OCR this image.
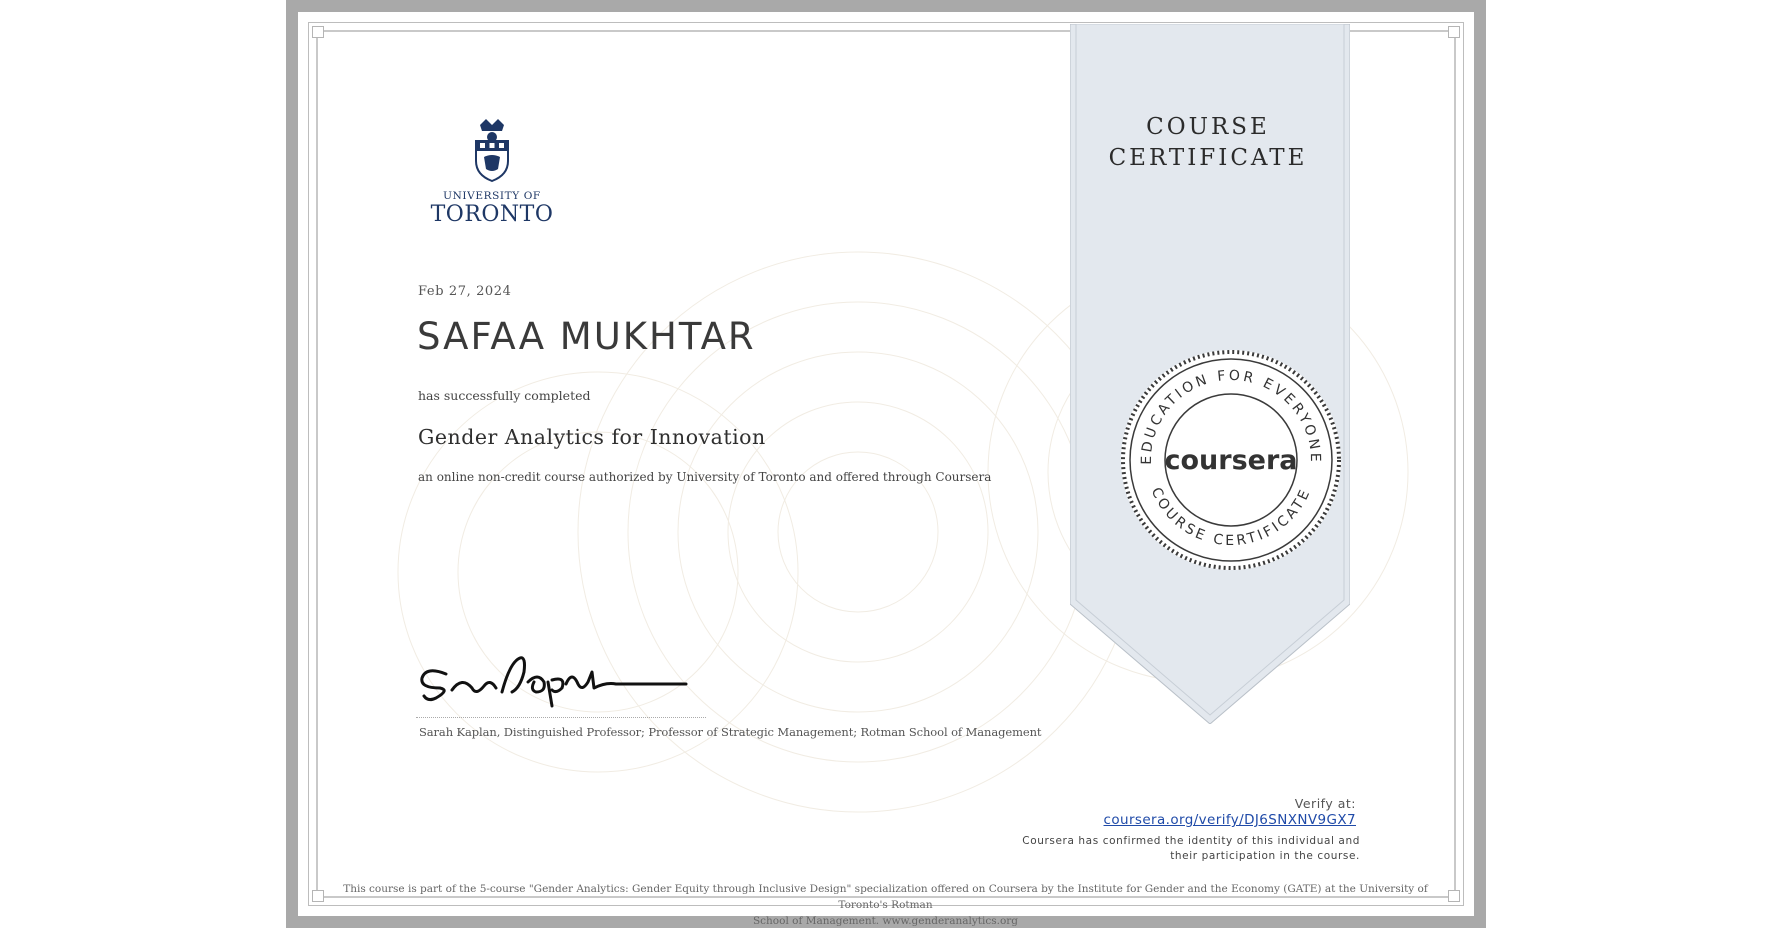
COURSE
CERTIFICATE
EDUCATION FOR EVERYONE
COURSE CERTIFICATE
coursera
UNIVERSITY OF
TORONTO
Feb 27, 2024
SAFAA MUKHTAR
has successfully completed
Gender Analytics for Innovation
an online non-credit course authorized by University of Toronto and offered through Coursera
Sarah Kaplan, Distinguished Professor; Professor of Strategic Management; Rotman School of Management
Verify at:
coursera.org/verify/DJ6SNXNV9GX7
Coursera has confirmed the identity of this individual and
their participation in the course.
This course is part of the 5-course "Gender Analytics: Gender Equity through Inclusive Design" specialization offered on Coursera by the Institute for Gender and the Economy (GATE) at the University of Toronto's Rotman
School of Management. www.genderanalytics.org
